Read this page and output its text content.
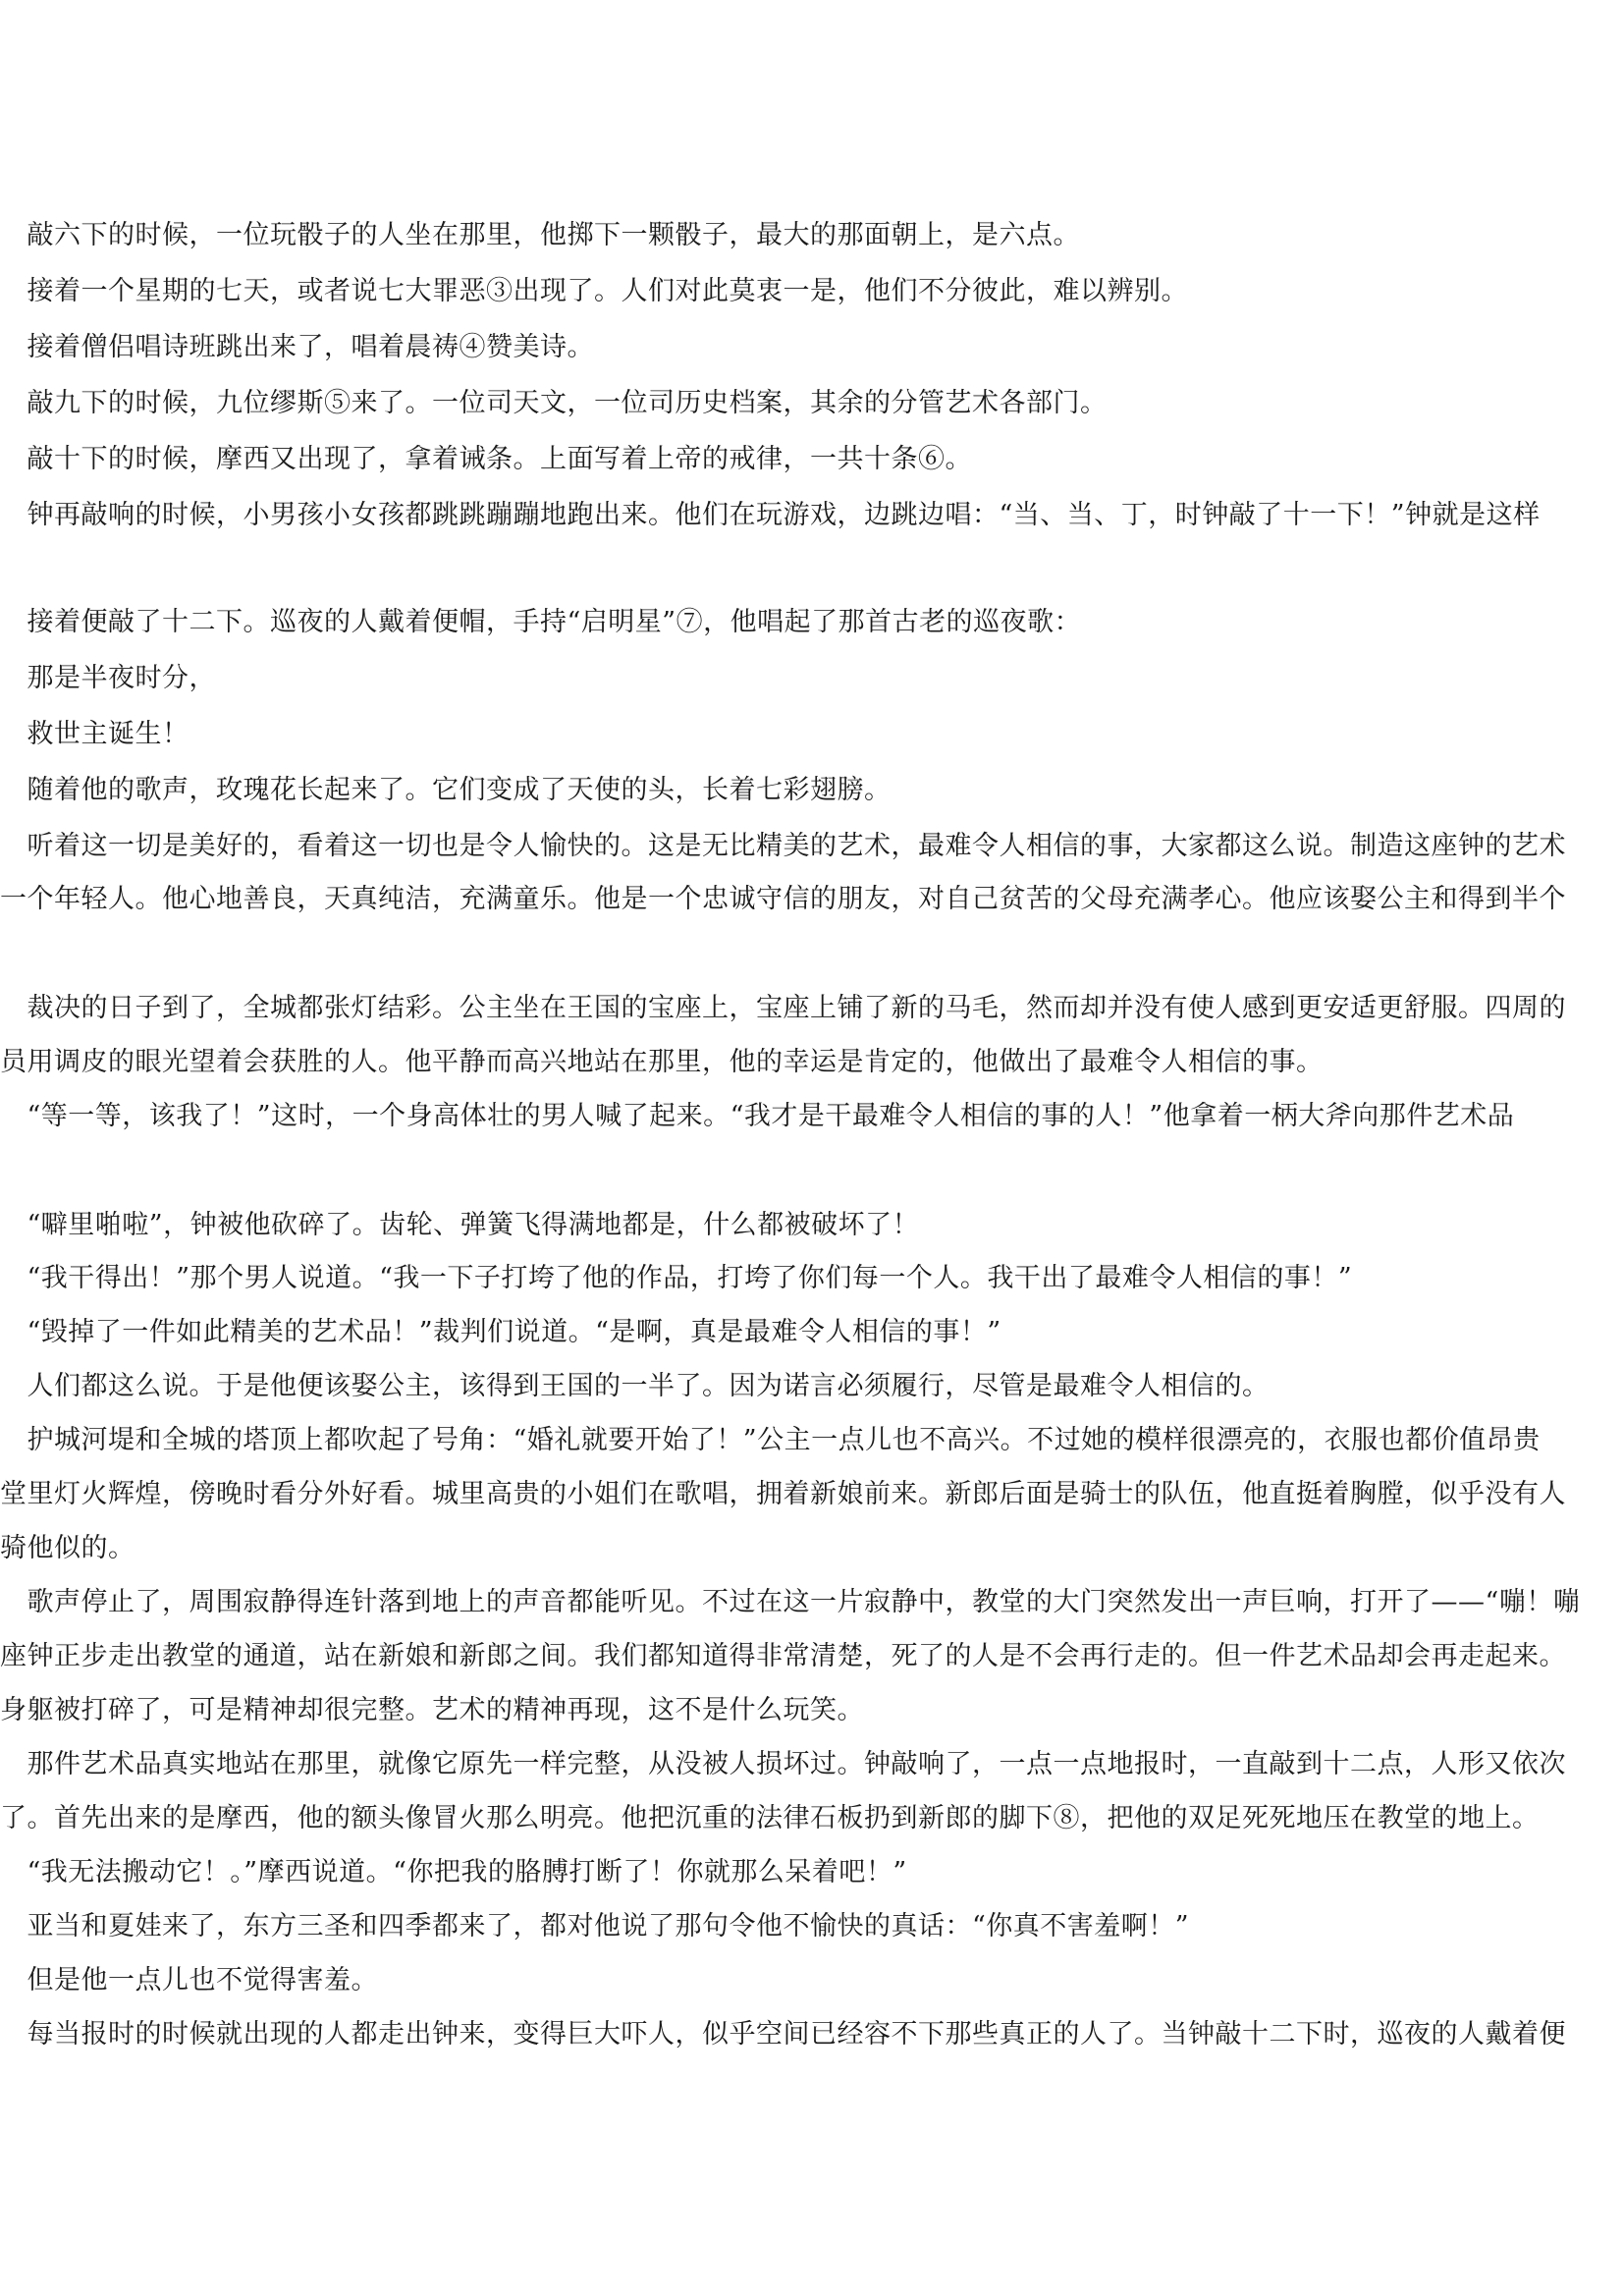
　敲六下的时候，一位玩骰子的人坐在那里，他掷下一颗骰子，最大的那面朝上，是六点。
　接着一个星期的七天，或者说七大罪恶③出现了。人们对此莫衷一是，他们不分彼此，难以辨别。
　接着僧侣唱诗班跳出来了，唱着晨祷④赞美诗。
　敲九下的时候，九位缪斯⑤来了。一位司天文，一位司历史档案，其余的分管艺术各部门。
　敲十下的时候，摩西又出现了，拿着诫条。上面写着上帝的戒律，一共十条⑥。
　钟再敲响的时候，小男孩小女孩都跳跳蹦蹦地跑出来。他们在玩游戏，边跳边唱：“当、当、丁，时钟敲了十一下！”钟就是这样
　接着便敲了十二下。巡夜的人戴着便帽，手持“启明星”⑦，他唱起了那首古老的巡夜歌：
　那是半夜时分，
　救世主诞生！
　随着他的歌声，玫瑰花长起来了。它们变成了天使的头，长着七彩翅膀。
　听着这一切是美好的，看着这一切也是令人愉快的。这是无比精美的艺术，最难令人相信的事，大家都这么说。制造这座钟的艺术
一个年轻人。他心地善良，天真纯洁，充满童乐。他是一个忠诚守信的朋友，对自己贫苦的父母充满孝心。他应该娶公主和得到半个
　裁决的日子到了，全城都张灯结彩。公主坐在王国的宝座上，宝座上铺了新的马毛，然而却并没有使人感到更安适更舒服。四周的
员用调皮的眼光望着会获胜的人。他平静而高兴地站在那里，他的幸运是肯定的，他做出了最难令人相信的事。
　“等一等，该我了！”这时，一个身高体壮的男人喊了起来。“我才是干最难令人相信的事的人！”他拿着一柄大斧向那件艺术品
　“噼里啪啦”，钟被他砍碎了。齿轮、弹簧飞得满地都是，什么都被破坏了！
　“我干得出！”那个男人说道。“我一下子打垮了他的作品，打垮了你们每一个人。我干出了最难令人相信的事！”
　“毁掉了一件如此精美的艺术品！”裁判们说道。“是啊，真是最难令人相信的事！”
　人们都这么说。于是他便该娶公主，该得到王国的一半了。因为诺言必须履行，尽管是最难令人相信的。
　护城河堤和全城的塔顶上都吹起了号角：“婚礼就要开始了！”公主一点儿也不高兴。不过她的模样很漂亮的，衣服也都价值昂贵
堂里灯火辉煌，傍晚时看分外好看。城里高贵的小姐们在歌唱，拥着新娘前来。新郎后面是骑士的队伍，他直挺着胸膛，似乎没有人
骑他似的。
　歌声停止了，周围寂静得连针落到地上的声音都能听见。不过在这一片寂静中，教堂的大门突然发出一声巨响，打开了——“嘣！嘣
座钟正步走出教堂的通道，站在新娘和新郎之间。我们都知道得非常清楚，死了的人是不会再行走的。但一件艺术品却会再走起来。
身躯被打碎了，可是精神却很完整。艺术的精神再现，这不是什么玩笑。
　那件艺术品真实地站在那里，就像它原先一样完整，从没被人损坏过。钟敲响了，一点一点地报时，一直敲到十二点，人形又依次
了。首先出来的是摩西，他的额头像冒火那么明亮。他把沉重的法律石板扔到新郎的脚下⑧，把他的双足死死地压在教堂的地上。
　“我无法搬动它！。”摩西说道。“你把我的胳膊打断了！你就那么呆着吧！”
　亚当和夏娃来了，东方三圣和四季都来了，都对他说了那句令他不愉快的真话：“你真不害羞啊！”
　但是他一点儿也不觉得害羞。
　每当报时的时候就出现的人都走出钟来，变得巨大吓人，似乎空间已经容不下那些真正的人了。当钟敲十二下时，巡夜的人戴着便
